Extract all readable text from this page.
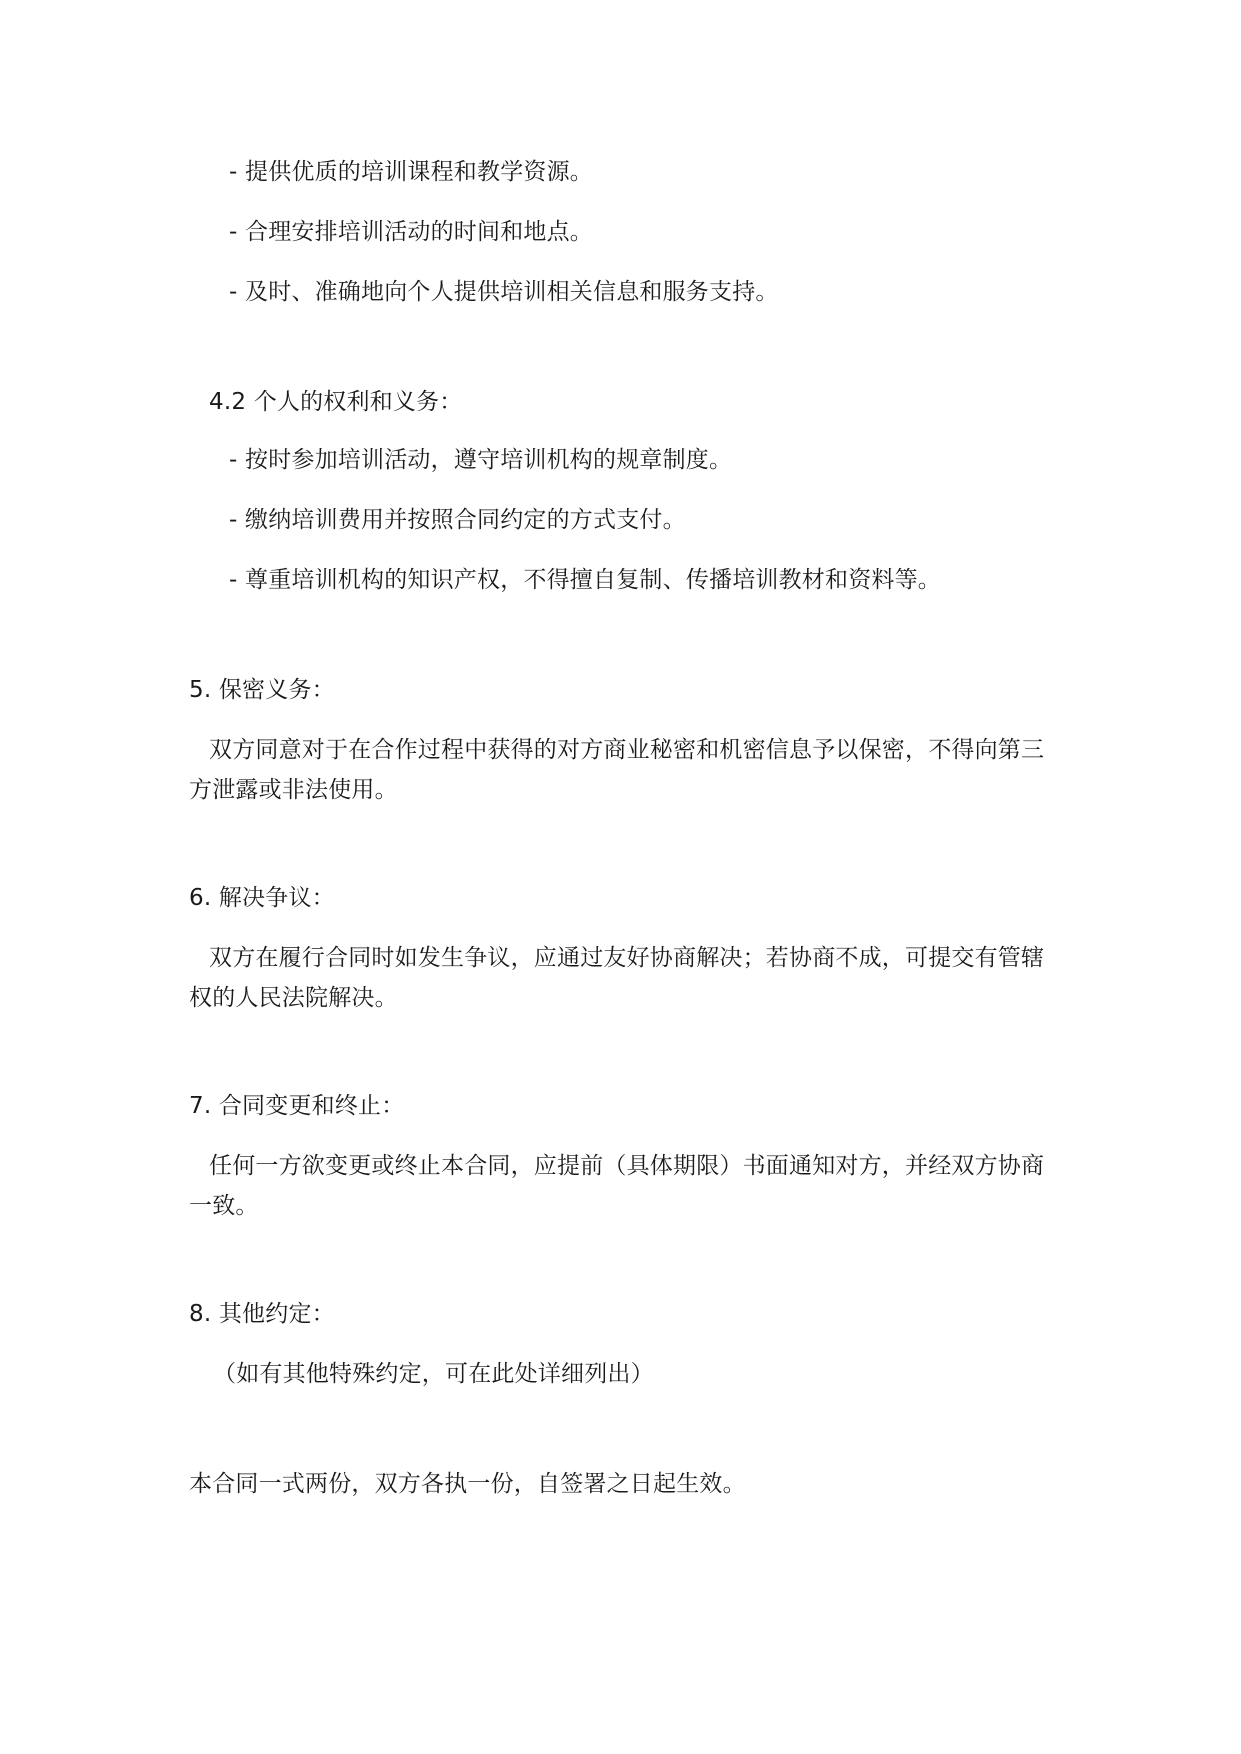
- 提供优质的培训课程和教学资源。

- 合理安排培训活动的时间和地点。

- 及时、准确地向个人提供培训相关信息和服务支持。

4.2 个人的权利和义务：

- 按时参加培训活动，遵守培训机构的规章制度。

- 缴纳培训费用并按照合同约定的方式支付。

- 尊重培训机构的知识产权，不得擅自复制、传播培训教材和资料等。

5. 保密义务：

双方同意对于在合作过程中获得的对方商业秘密和机密信息予以保密，不得向第三

方泄露或非法使用。

6. 解决争议：

双方在履行合同时如发生争议，应通过友好协商解决；若协商不成，可提交有管辖

权的人民法院解决。

7. 合同变更和终止：

任何一方欲变更或终止本合同，应提前（具体期限）书面通知对方，并经双方协商

一致。

8. 其他约定：

（如有其他特殊约定，可在此处详细列出）

本合同一式两份，双方各执一份，自签署之日起生效。
